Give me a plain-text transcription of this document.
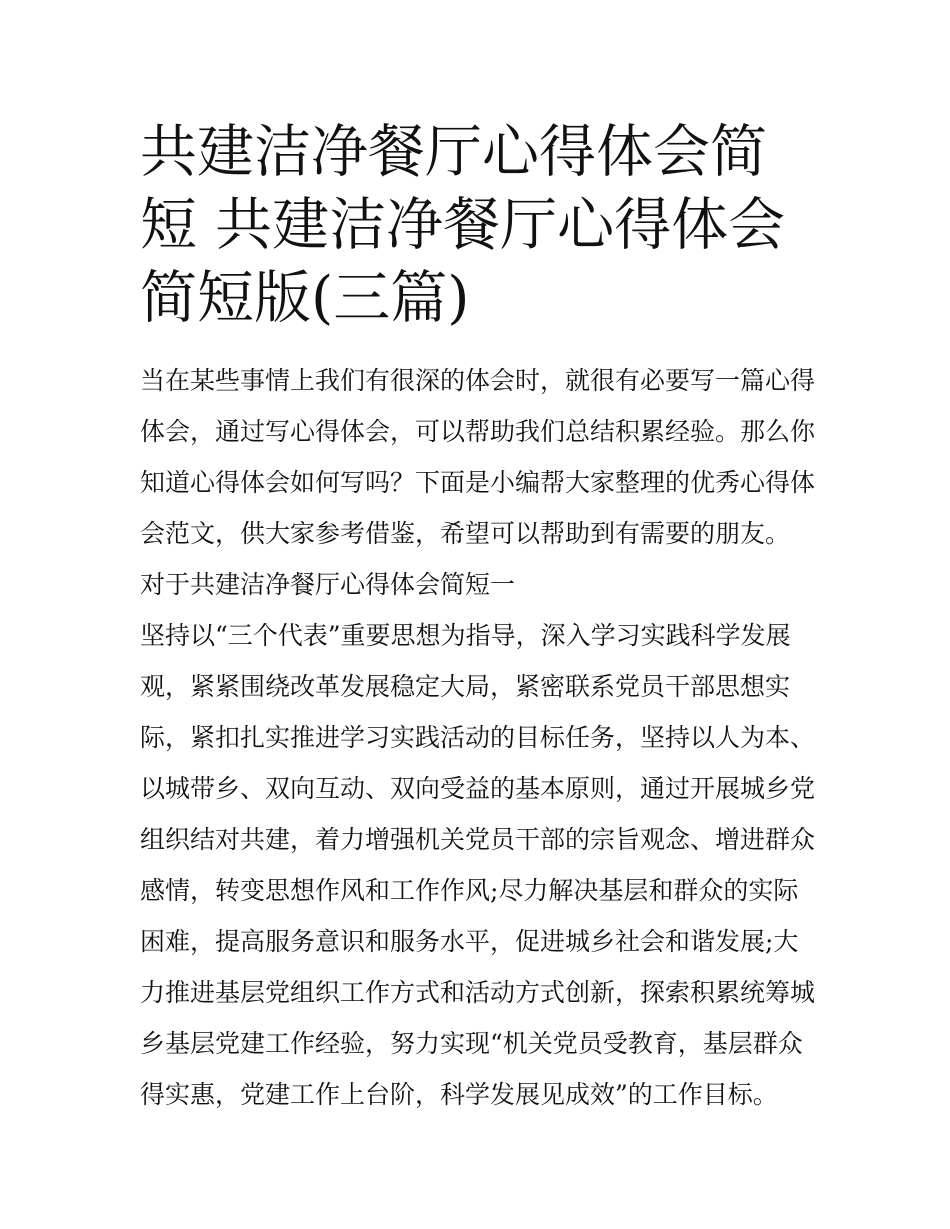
共建洁净餐厅心得体会简短 共建洁净餐厅心得体会简短版(三篇)
当在某些事情上我们有很深的体会时，就很有必要写一篇心得
体会，通过写心得体会，可以帮助我们总结积累经验。那么你
知道心得体会如何写吗？下面是小编帮大家整理的优秀心得体
会范文，供大家参考借鉴，希望可以帮助到有需要的朋友。
对于共建洁净餐厅心得体会简短一
坚持以“三个代表”重要思想为指导，深入学习实践科学发展
观，紧紧围绕改革发展稳定大局，紧密联系党员干部思想实
际，紧扣扎实推进学习实践活动的目标任务，坚持以人为本、
以城带乡、双向互动、双向受益的基本原则，通过开展城乡党
组织结对共建，着力增强机关党员干部的宗旨观念、增进群众
感情，转变思想作风和工作作风;尽力解决基层和群众的实际
困难，提高服务意识和服务水平，促进城乡社会和谐发展;大
力推进基层党组织工作方式和活动方式创新，探索积累统筹城
乡基层党建工作经验，努力实现“机关党员受教育，基层群众
得实惠，党建工作上台阶，科学发展见成效”的工作目标。
